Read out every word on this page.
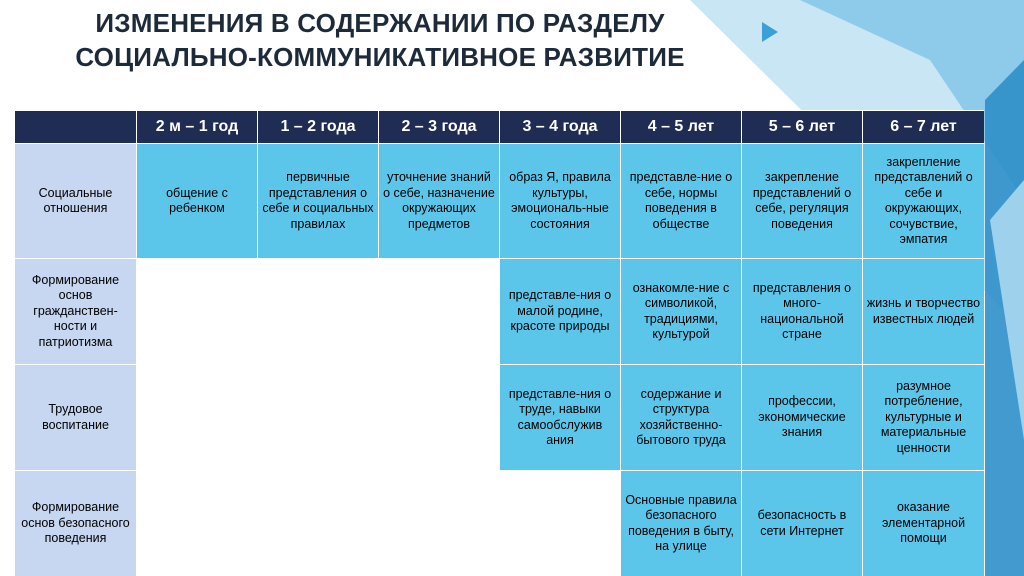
ИЗМЕНЕНИЯ В СОДЕРЖАНИИ ПО РАЗДЕЛУ
СОЦИАЛЬНО-КОММУНИКАТИВНОЕ РАЗВИТИЕ
	2 м – 1 год	1 – 2 года	2 – 3 года	3 – 4 года	4 – 5 лет	5 – 6 лет	6 – 7 лет
Социальные отношения	общение с ребенком	первичные представления о себе и социальных правилах	уточнение знаний о себе, назначение окружающих предметов	образ Я, правила культуры, эмоциональ-ные состояния	представле-ние о себе, нормы поведения в обществе	закрепление представлений о себе, регуляция поведения	закрепление представлений о себе и окружающих, сочувствие, эмпатия
Формирование основ гражданствен-ности и патриотизма				представле-ния о малой родине, красоте природы	ознакомле-ние с символикой, традициями, культурой	представления о много-национальной стране	жизнь и творчество известных людей
Трудовое воспитание				представле-ния о труде, навыки самообслужив ания	содержание и структура хозяйственно-бытового труда	профессии, экономические знания	разумное потребление, культурные и материальные ценности
Формирование основ безопасного поведения					Основные правила безопасного поведения в быту, на улице	безопасность в сети Интернет	оказание элементарной помощи
